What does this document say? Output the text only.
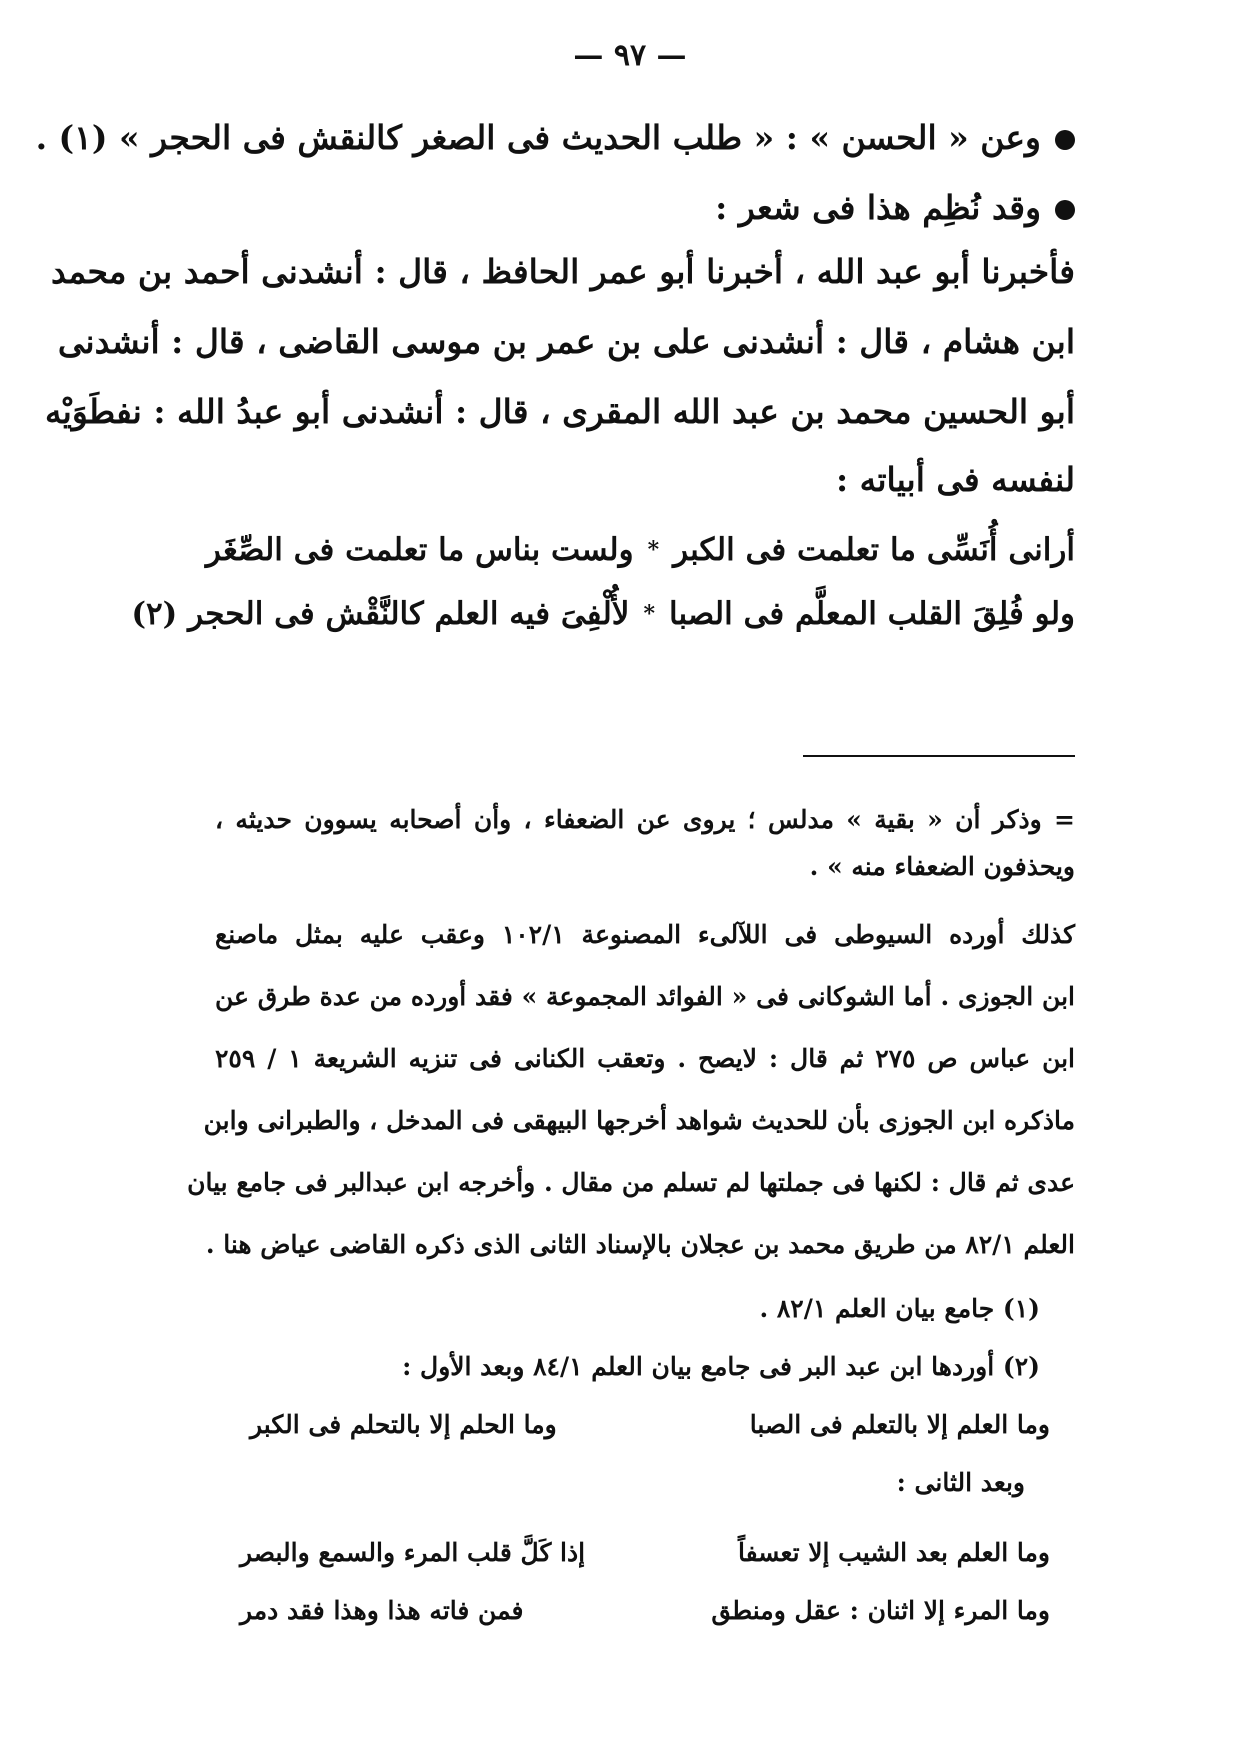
— ٩٧ —
وعن « الحسن » : « طلب الحديث فى الصغر كالنقش فى الحجر » (١) .
وقد نُظِم هذا فى شعر :
فأخبرنا أبو عبد الله ، أخبرنا أبو عمر الحافظ ، قال : أنشدنى أحمد بن محمد
ابن هشام ، قال : أنشدنى على بن عمر بن موسى القاضى ، قال : أنشدنى
أبو الحسين محمد بن عبد الله المقرى ، قال : أنشدنى أبو عبدُ الله : نفطَوَيْه
لنفسه فى أبياته :
أرانى أُنَسِّى ما تعلمت فى الكبر
*
ولست بناس ما تعلمت فى الصِّغَر
ولو فُلِقَ القلب المعلَّم فى الصبا
*
لأُلْفِىَ فيه العلم كالنَّقْش فى الحجر (٢)
= وذكر أن « بقية » مدلس ؛ يروى عن الضعفاء ، وأن أصحابه يسوون حديثه ،
ويحذفون الضعفاء منه » .
كذلك أورده السيوطى فى اللآلىء المصنوعة ١٠٢/١ وعقب عليه بمثل ماصنع
ابن الجوزى . أما الشوكانى فى « الفوائد المجموعة » فقد أورده من عدة طرق عن
ابن عباس ص ٢٧٥ ثم قال : لايصح . وتعقب الكنانى فى تنزيه الشريعة ١ / ٢٥٩
ماذكره ابن الجوزى بأن للحديث شواهد أخرجها البيهقى فى المدخل ، والطبرانى وابن
عدى ثم قال : لكنها فى جملتها لم تسلم من مقال . وأخرجه ابن عبدالبر فى جامع بيان
العلم ٨٢/١ من طريق محمد بن عجلان بالإسناد الثانى الذى ذكره القاضى عياض هنا .
(١) جامع بيان العلم ٨٢/١ .
(٢) أوردها ابن عبد البر فى جامع بيان العلم ٨٤/١ وبعد الأول :
وما العلم إلا بالتعلم فى الصبا
وما الحلم إلا بالتحلم فى الكبر
وبعد الثانى :
وما العلم بعد الشيب إلا تعسفاً
إذا كَلَّ قلب المرء والسمع والبصر
وما المرء إلا اثنان : عقل ومنطق
فمن فاته هذا وهذا فقد دمر
